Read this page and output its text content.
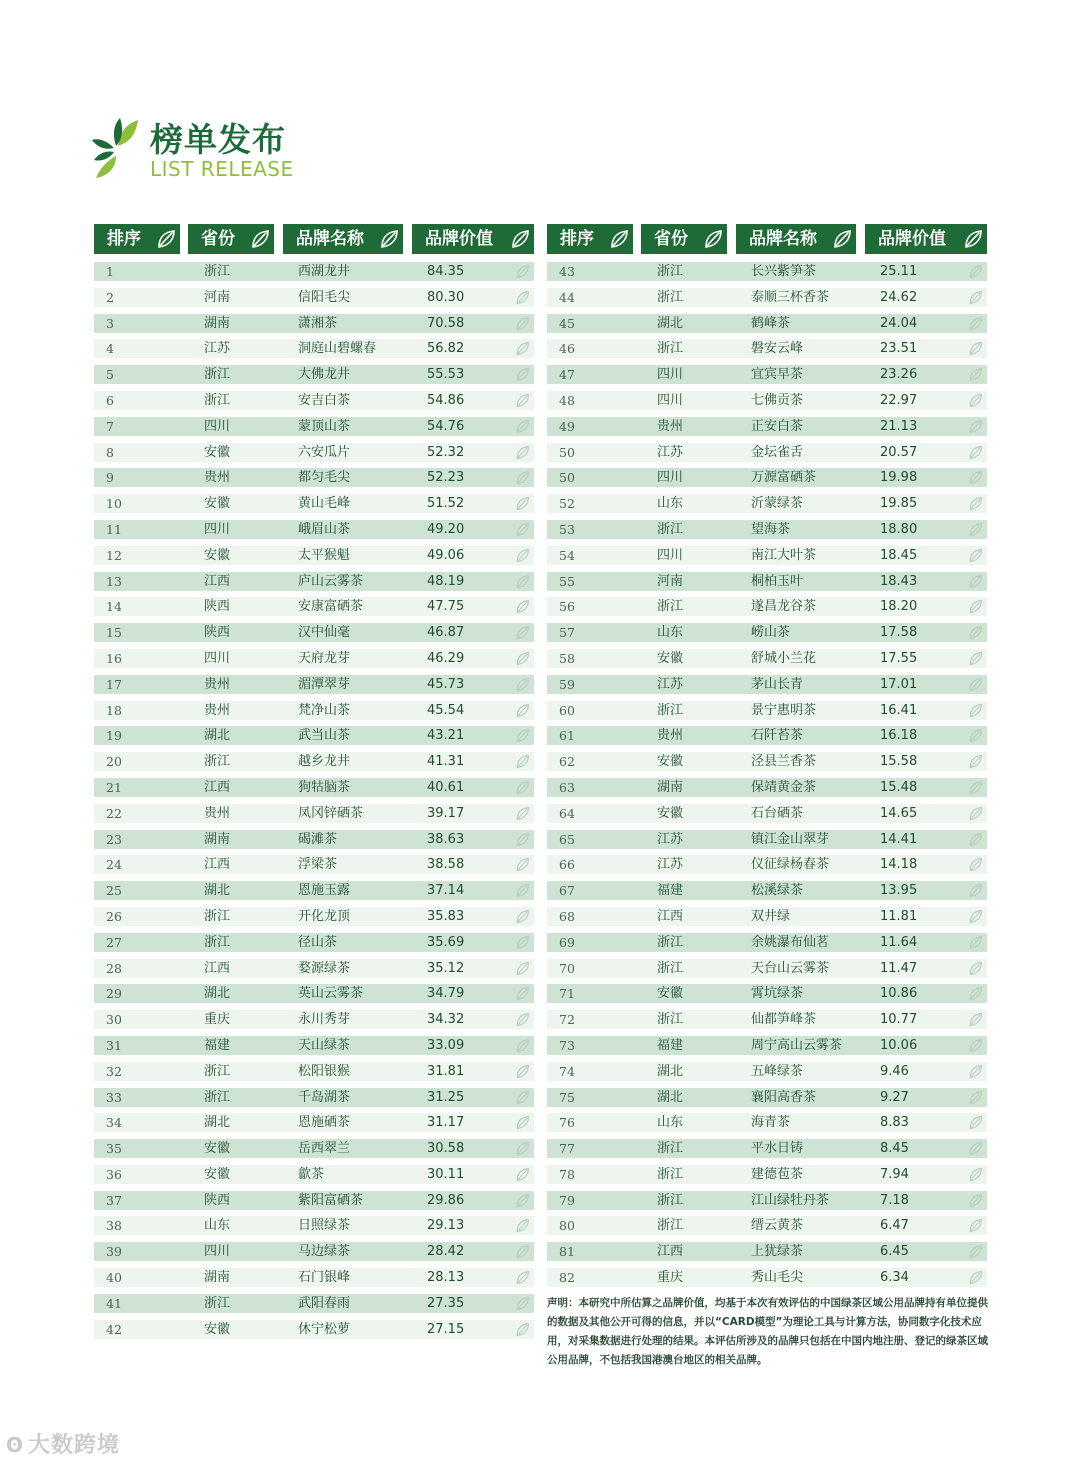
榜单发布
LIST RELEASE
排序	省份	品牌名称	品牌价值
1	浙江	西湖龙井	84.35
2	河南	信阳毛尖	80.30
3	湖南	潇湘茶	70.58
4	江苏	洞庭山碧螺春	56.82
5	浙江	大佛龙井	55.53
6	浙江	安吉白茶	54.86
7	四川	蒙顶山茶	54.76
8	安徽	六安瓜片	52.32
9	贵州	都匀毛尖	52.23
10	安徽	黄山毛峰	51.52
11	四川	峨眉山茶	49.20
12	安徽	太平猴魁	49.06
13	江西	庐山云雾茶	48.19
14	陕西	安康富硒茶	47.75
15	陕西	汉中仙毫	46.87
16	四川	天府龙芽	46.29
17	贵州	湄潭翠芽	45.73
18	贵州	梵净山茶	45.54
19	湖北	武当山茶	43.21
20	浙江	越乡龙井	41.31
21	江西	狗牯脑茶	40.61
22	贵州	凤冈锌硒茶	39.17
23	湖南	碣滩茶	38.63
24	江西	浮梁茶	38.58
25	湖北	恩施玉露	37.14
26	浙江	开化龙顶	35.83
27	浙江	径山茶	35.69
28	江西	婺源绿茶	35.12
29	湖北	英山云雾茶	34.79
30	重庆	永川秀芽	34.32
31	福建	天山绿茶	33.09
32	浙江	松阳银猴	31.81
33	浙江	千岛湖茶	31.25
34	湖北	恩施硒茶	31.17
35	安徽	岳西翠兰	30.58
36	安徽	歙茶	30.11
37	陕西	紫阳富硒茶	29.86
38	山东	日照绿茶	29.13
39	四川	马边绿茶	28.42
40	湖南	石门银峰	28.13
41	浙江	武阳春雨	27.35
42	安徽	休宁松萝	27.15
排序	省份	品牌名称	品牌价值
43	浙江	长兴紫笋茶	25.11
44	浙江	泰顺三杯香茶	24.62
45	湖北	鹤峰茶	24.04
46	浙江	磐安云峰	23.51
47	四川	宜宾早茶	23.26
48	四川	七佛贡茶	22.97
49	贵州	正安白茶	21.13
50	江苏	金坛雀舌	20.57
50	四川	万源富硒茶	19.98
52	山东	沂蒙绿茶	19.85
53	浙江	望海茶	18.80
54	四川	南江大叶茶	18.45
55	河南	桐柏玉叶	18.43
56	浙江	遂昌龙谷茶	18.20
57	山东	崂山茶	17.58
58	安徽	舒城小兰花	17.55
59	江苏	茅山长青	17.01
60	浙江	景宁惠明茶	16.41
61	贵州	石阡苔茶	16.18
62	安徽	泾县兰香茶	15.58
63	湖南	保靖黄金茶	15.48
64	安徽	石台硒茶	14.65
65	江苏	镇江金山翠芽	14.41
66	江苏	仪征绿杨春茶	14.18
67	福建	松溪绿茶	13.95
68	江西	双井绿	11.81
69	浙江	余姚瀑布仙茗	11.64
70	浙江	天台山云雾茶	11.47
71	安徽	霄坑绿茶	10.86
72	浙江	仙都笋峰茶	10.77
73	福建	周宁高山云雾茶	10.06
74	湖北	五峰绿茶	9.46
75	湖北	襄阳高香茶	9.27
76	山东	海青茶	8.83
77	浙江	平水日铸	8.45
78	浙江	建德苞茶	7.94
79	浙江	江山绿牡丹茶	7.18
80	浙江	缙云黄茶	6.47
81	江西	上犹绿茶	6.45
82	重庆	秀山毛尖	6.34
声明：本研究中所估算之品牌价值，均基于本次有效评估的中国绿茶区域公用品牌持有单位提供的数据及其他公开可得的信息，并以“CARD模型”为理论工具与计算方法，协同数字化技术应用，对采集数据进行处理的结果。本评估所涉及的品牌只包括在中国内地注册、登记的绿茶区域公用品牌，不包括我国港澳台地区的相关品牌。
ʘ 大数跨境
